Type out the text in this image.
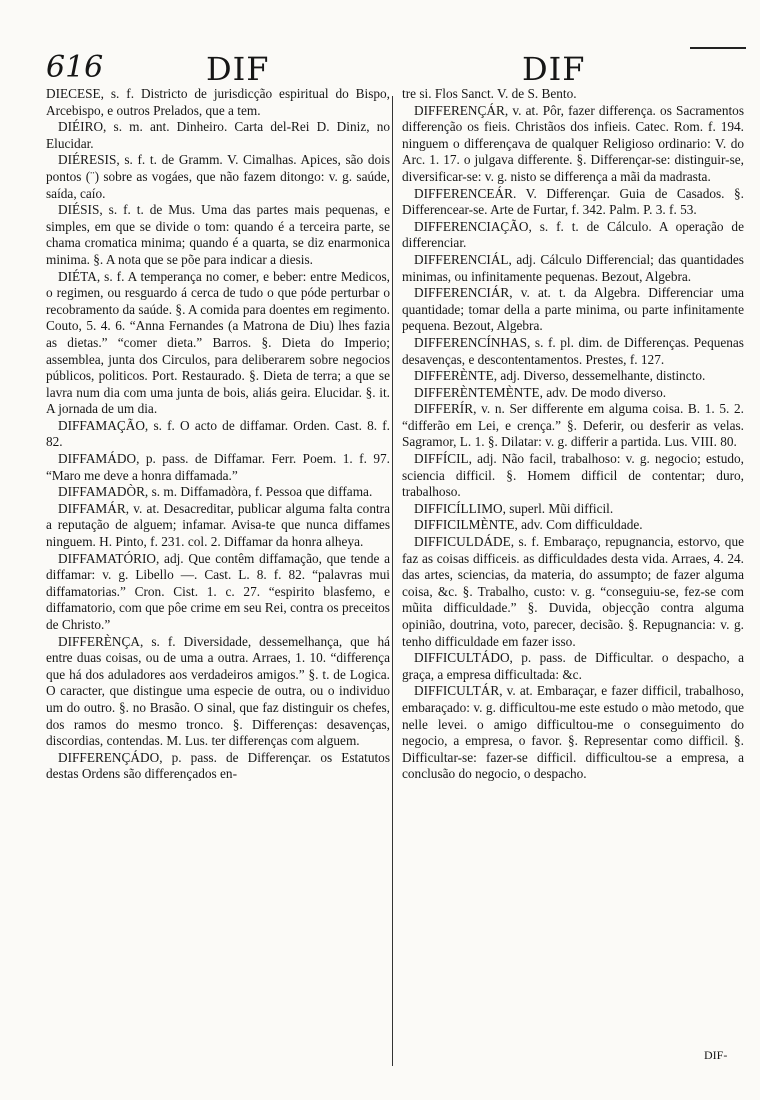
616	DIF	DIF

DIECESE, s. f. Districto de jurisdicção espiritual do Bispo, Arcebispo, e outros Prelados, que a tem.

DIÉIRO, s. m. ant. Dinheiro. Carta del-Rei D. Diniz, no Elucidar.

DIÉRESIS, s. f. t. de Gramm. V. Cimalhas. Apices, são dois pontos (¨) sobre as vogáes, que não fazem ditongo: v. g. saúde, saída, caío.

DIÉSIS, s. f. t. de Mus. Uma das partes mais pequenas, e simples, em que se divide o tom: quando é a terceira parte, se chama cromatica minima; quando é a quarta, se diz enarmonica minima. §. A nota que se põe para indicar a diesis.

DIÉTA, s. f. A temperança no comer, e beber: entre Medicos, o regimen, ou resguardo á cerca de tudo o que póde perturbar o recobramento da saúde. §. A comida para doentes em regimento. Couto, 5. 4. 6. “Anna Fernandes (a Matrona de Diu) lhes fazia as dietas.” “comer dieta.” Barros. §. Dieta do Imperio; assemblea, junta dos Circulos, para deliberarem sobre negocios públicos, politicos. Port. Restaurado. §. Dieta de terra; a que se lavra num dia com uma junta de bois, aliás geira. Elucidar. §. it. A jornada de um dia.

DIFFAMAÇÃO, s. f. O acto de diffamar. Orden. Cast. 8. f. 82.

DIFFAMÁDO, p. pass. de Diffamar. Ferr. Poem. 1. f. 97. “Maro me deve a honra diffamada.”

DIFFAMADÒR, s. m. Diffamadòra, f. Pessoa que diffama.

DIFFAMÁR, v. at. Desacreditar, publicar alguma falta contra a reputação de alguem; infamar. Avisa-te que nunca diffames ninguem. H. Pinto, f. 231. col. 2. Diffamar da honra alheya.

DIFFAMATÓRIO, adj. Que contêm diffamação, que tende a diffamar: v. g. Libello —. Cast. L. 8. f. 82. “palavras mui diffamatorias.” Cron. Cist. 1. c. 27. “espirito blasfemo, e diffamatorio, com que pôe crime em seu Rei, contra os preceitos de Christo.”

DIFFERÈNÇA, s. f. Diversidade, dessemelhança, que há entre duas coisas, ou de uma a outra. Arraes, 1. 10. “differença que há dos aduladores aos verdadeiros amigos.” §. t. de Logica. O caracter, que distingue uma especie de outra, ou o individuo um do outro. §. no Brasão. O sinal, que faz distinguir os chefes, dos ramos do mesmo tronco. §. Differenças: desavenças, discordias, contendas. M. Lus. ter differenças com alguem.

DIFFERENÇÁDO, p. pass. de Differençar. os Estatutos destas Ordens são differençados en-

tre si. Flos Sanct. V. de S. Bento.

DIFFERENÇÁR, v. at. Pôr, fazer differença. os Sacramentos differenção os fieis. Christãos dos infieis. Catec. Rom. f. 194. ninguem o differençava de qualquer Religioso ordinario: V. do Arc. 1. 17. o julgava differente. §. Differençar-se: distinguir-se, diversificar-se: v. g. nisto se differença a mãi da madrasta.

DIFFERENCEÁR. V. Differençar. Guia de Casados. §. Differencear-se. Arte de Furtar, f. 342. Palm. P. 3. f. 53.

DIFFERENCIAÇÃO, s. f. t. de Cálculo. A operação de differenciar.

DIFFERENCIÁL, adj. Cálculo Differencial; das quantidades minimas, ou infinitamente pequenas. Bezout, Algebra.

DIFFERENCIÁR, v. at. t. da Algebra. Differenciar uma quantidade; tomar della a parte minima, ou parte infinitamente pequena. Bezout, Algebra.

DIFFERENCÍNHAS, s. f. pl. dim. de Differenças. Pequenas desavenças, e descontentamentos. Prestes, f. 127.

DIFFERÈNTE, adj. Diverso, dessemelhante, distincto.

DIFFERÈNTEMÈNTE, adv. De modo diverso.

DIFFERÍR, v. n. Ser differente em alguma coisa. B. 1. 5. 2. “differão em Lei, e crença.” §. Deferir, ou desferir as velas. Sagramor, L. 1. §. Dilatar: v. g. differir a partida. Lus. VIII. 80.

DIFFÍCIL, adj. Não facil, trabalhoso: v. g. negocio; estudo, sciencia difficil. §. Homem difficil de contentar; duro, trabalhoso.

DIFFICÍLLIMO, superl. Mũi difficil.

DIFFICILMÈNTE, adv. Com difficuldade.

DIFFICULDÁDE, s. f. Embaraço, repugnancia, estorvo, que faz as coisas difficeis. as difficuldades desta vida. Arraes, 4. 24. das artes, sciencias, da materia, do assumpto; de fazer alguma coisa, &c. §. Trabalho, custo: v. g. “conseguiu-se, fez-se com mũita difficuldade.” §. Duvida, objecção contra alguma opinião, doutrina, voto, parecer, decisão. §. Repugnancia: v. g. tenho difficuldade em fazer isso.

DIFFICULTÁDO, p. pass. de Difficultar. o despacho, a graça, a empresa difficultada: &c.

DIFFICULTÁR, v. at. Embaraçar, e fazer difficil, trabalhoso, embaraçado: v. g. difficultou-me este estudo o mào metodo, que nelle levei. o amigo difficultou-me o conseguimento do negocio, a empresa, o favor. §. Representar como difficil. §. Difficultar-se: fazer-se difficil. difficultou-se a empresa, a conclusão do negocio, o despacho.

DIF-
